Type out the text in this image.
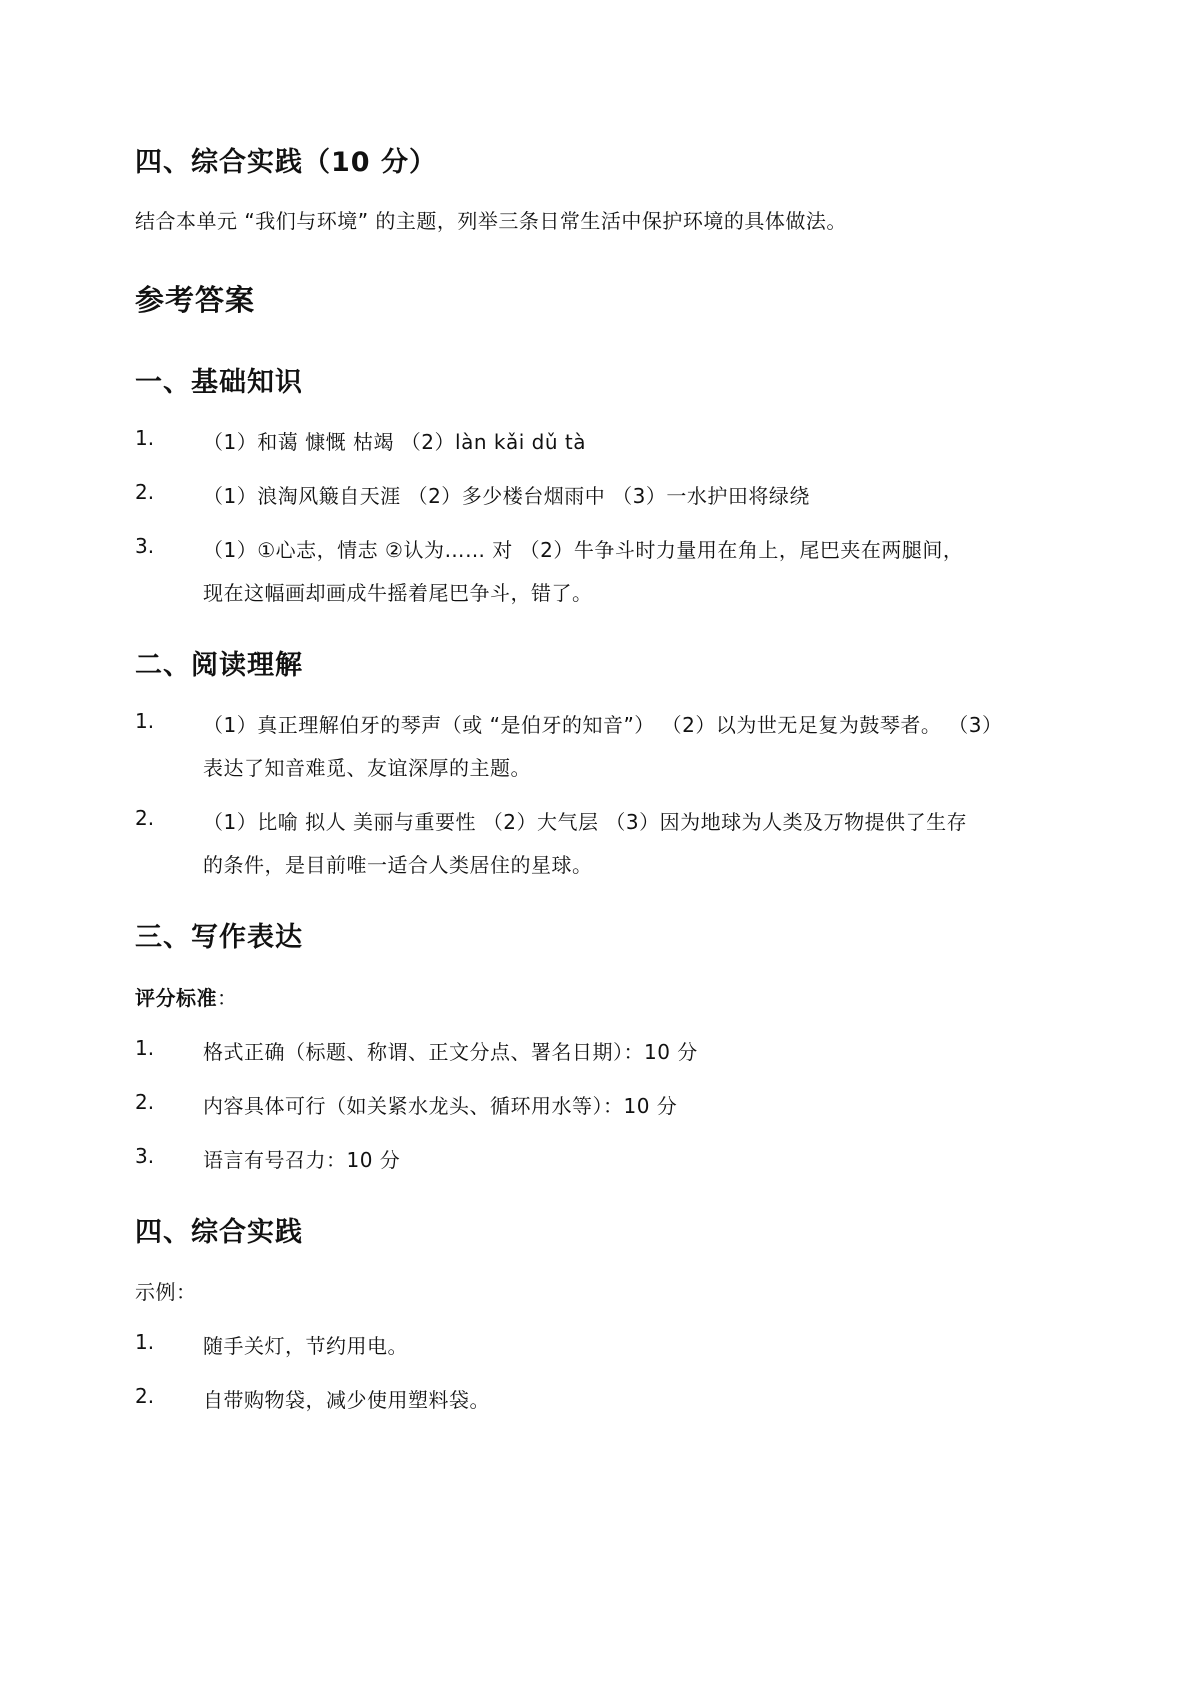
四、综合实践（10 分）
结合本单元 “我们与环境” 的主题，列举三条日常生活中保护环境的具体做法。
参考答案
一、基础知识
1. （1）和蔼 慷慨 枯竭 （2）làn kǎi dǔ tà
2. （1）浪淘风簸自天涯 （2）多少楼台烟雨中 （3）一水护田将绿绕
3. （1）①心志，情志 ②认为…… 对 （2）牛争斗时力量用在角上，尾巴夹在两腿间，
现在这幅画却画成牛摇着尾巴争斗，错了。
二、阅读理解
1. （1）真正理解伯牙的琴声（或 “是伯牙的知音”） （2）以为世无足复为鼓琴者。 （3）
表达了知音难觅、友谊深厚的主题。
2. （1）比喻 拟人 美丽与重要性 （2）大气层 （3）因为地球为人类及万物提供了生存
的条件，是目前唯一适合人类居住的星球。
三、写作表达
评分标准：
1. 格式正确（标题、称谓、正文分点、署名日期）：10 分
2. 内容具体可行（如关紧水龙头、循环用水等）：10 分
3. 语言有号召力：10 分
四、综合实践
示例：
1. 随手关灯，节约用电。
2. 自带购物袋，减少使用塑料袋。
